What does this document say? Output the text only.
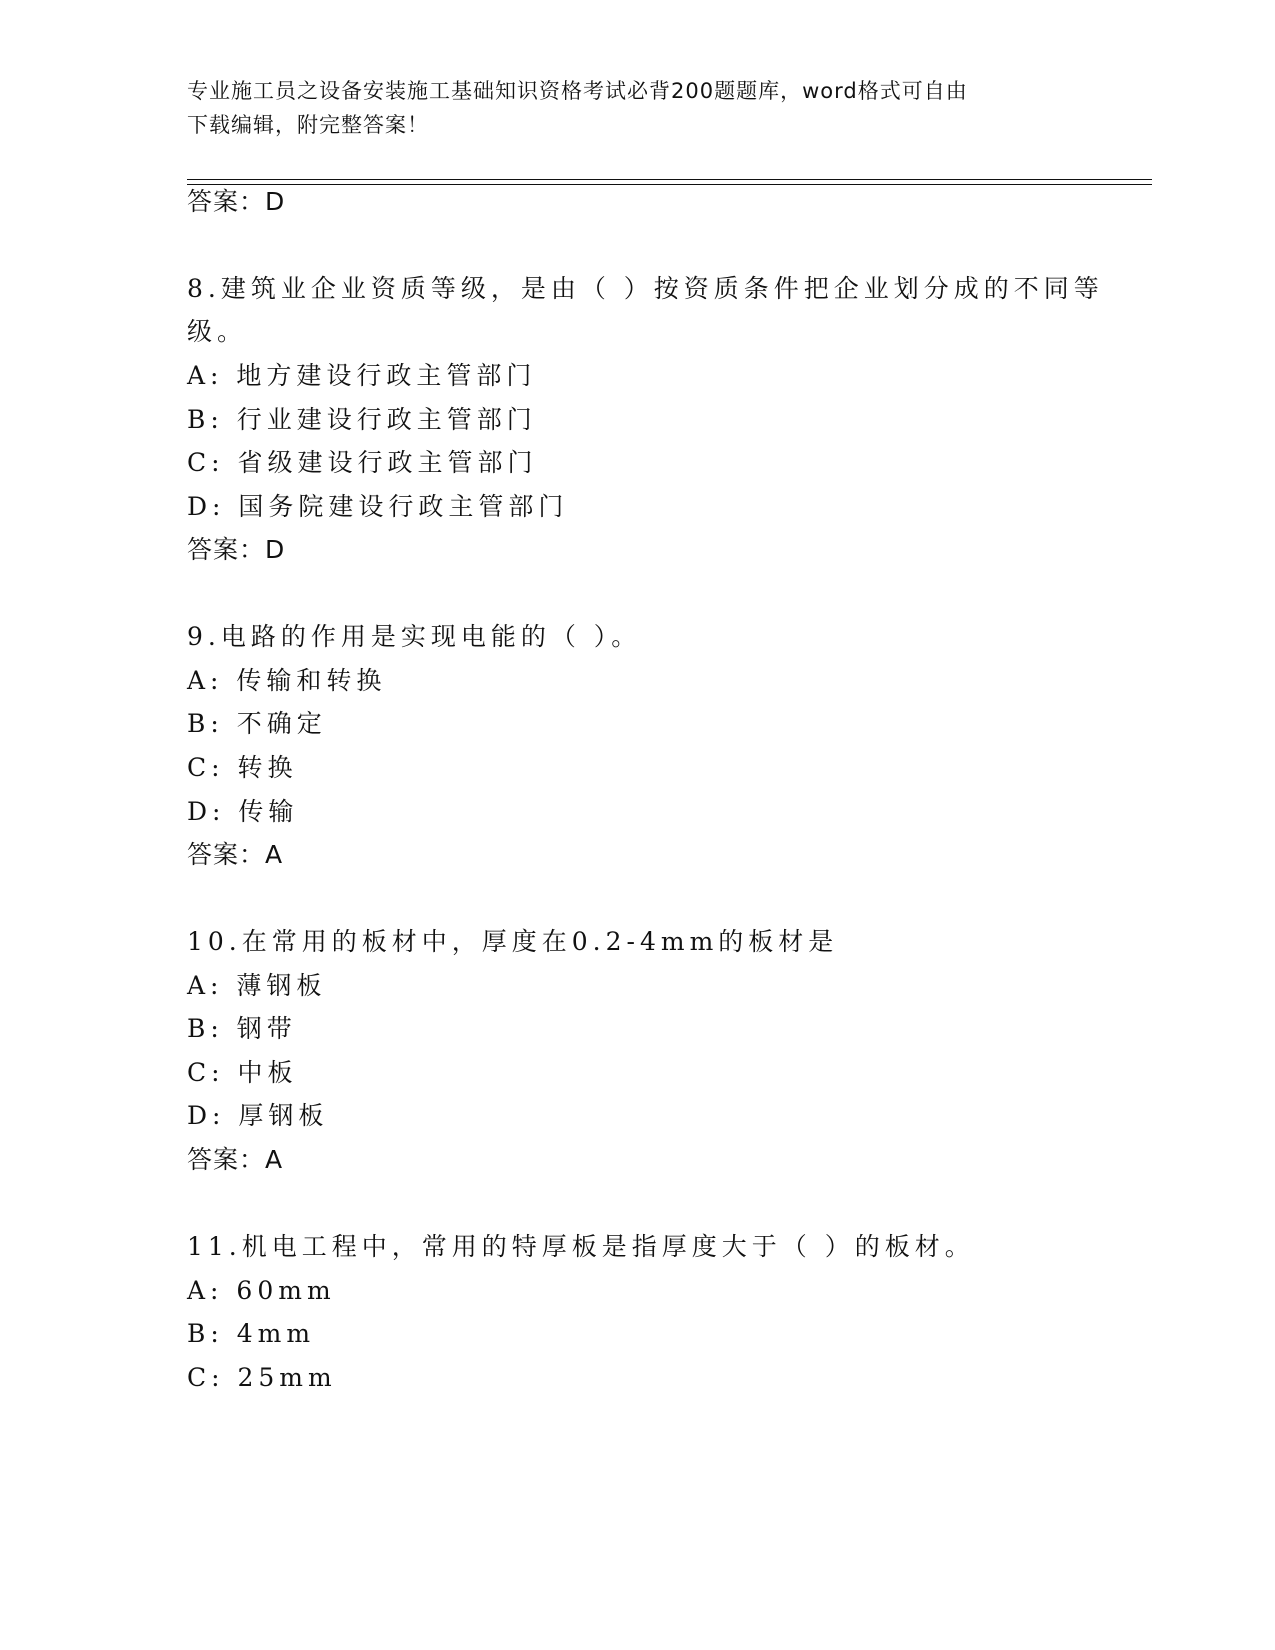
专业施工员之设备安装施工基础知识资格考试必背200题题库，word格式可自由
下载编辑，附完整答案！
答案：D
8.建筑业企业资质等级，是由（ ）按资质条件把企业划分成的不同等
级。
A: 地方建设行政主管部门
B: 行业建设行政主管部门
C: 省级建设行政主管部门
D: 国务院建设行政主管部门
答案：D
9.电路的作用是实现电能的（ ）。
A: 传输和转换
B: 不确定
C: 转换
D: 传输
答案：A
10.在常用的板材中，厚度在0.2-4mm的板材是
A: 薄钢板
B: 钢带
C: 中板
D: 厚钢板
答案：A
11.机电工程中，常用的特厚板是指厚度大于（ ）的板材。
A: 60mm
B: 4mm
C: 25mm
